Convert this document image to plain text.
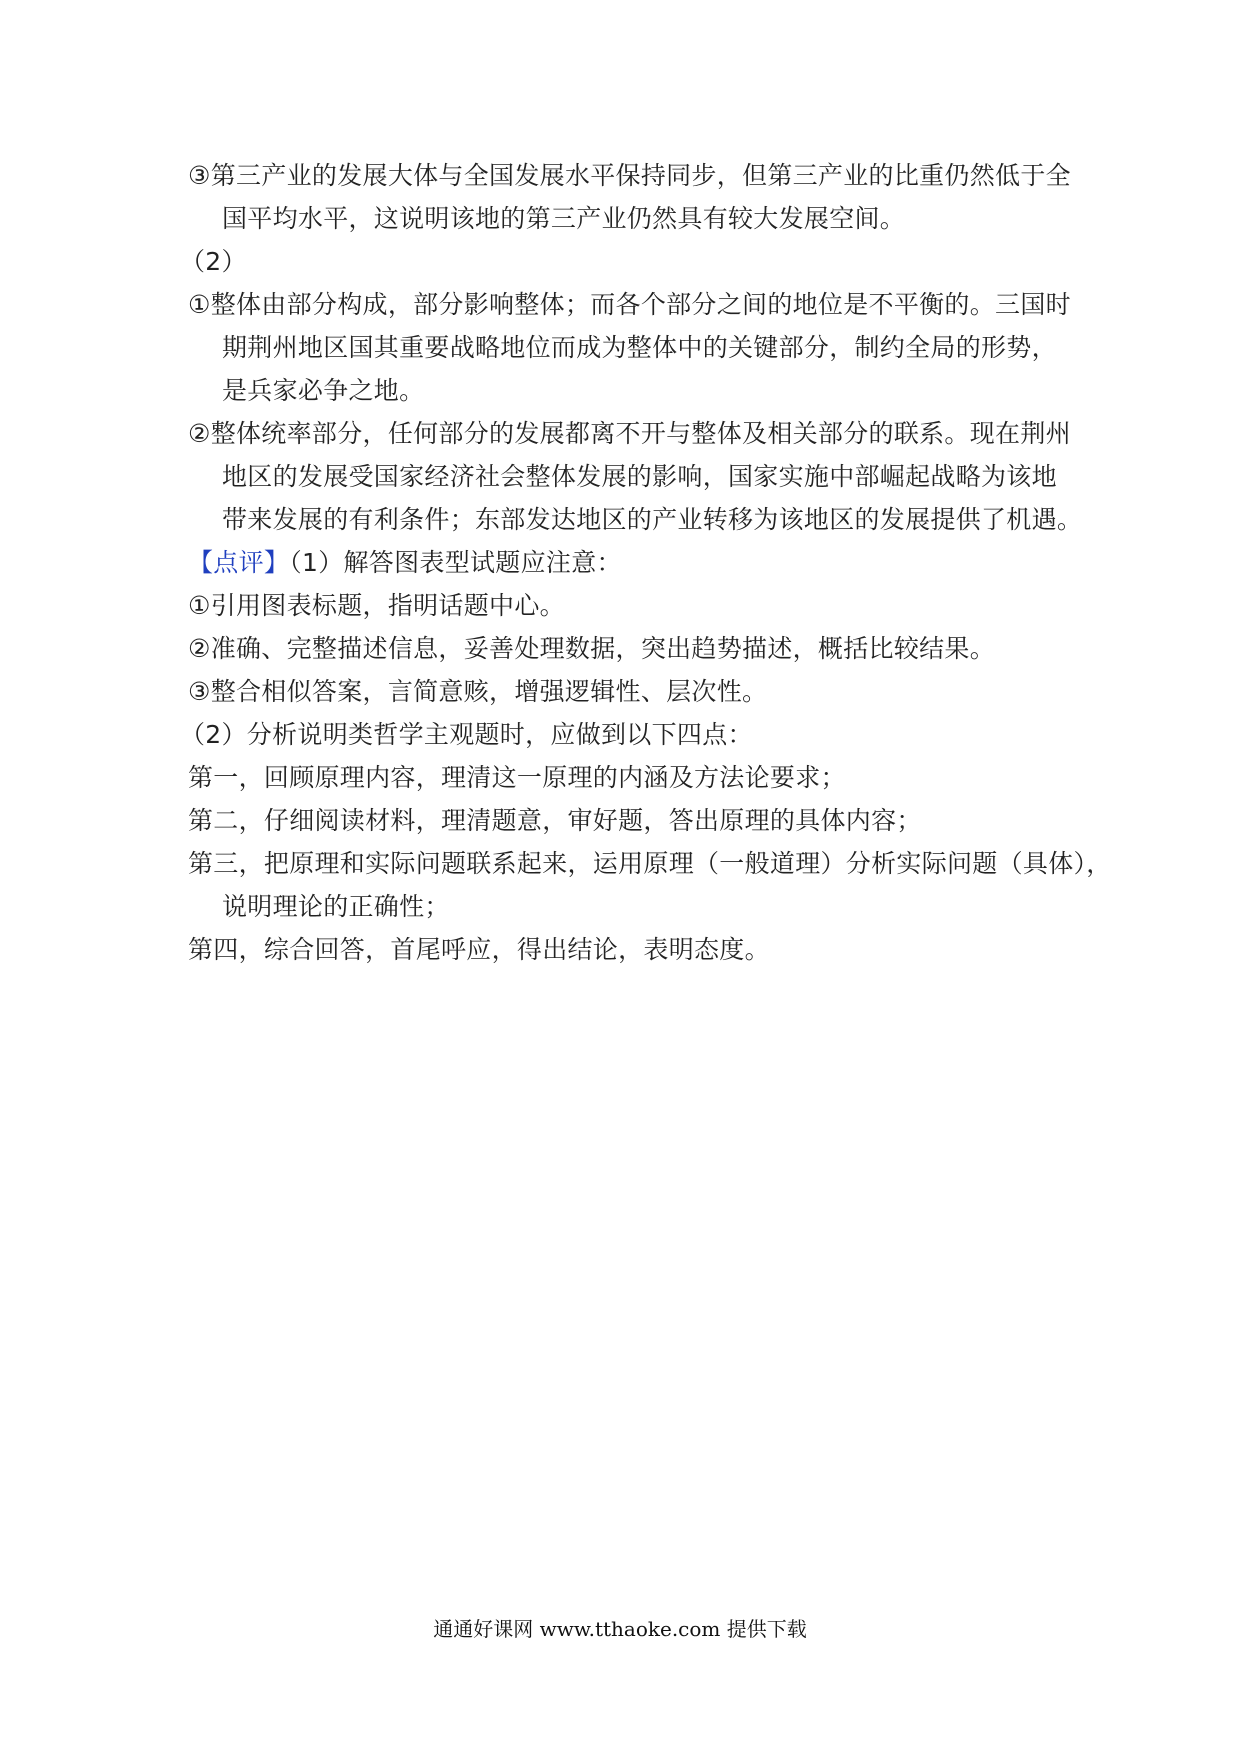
③第三产业的发展大体与全国发展水平保持同步，但第三产业的比重仍然低于全
国平均水平，这说明该地的第三产业仍然具有较大发展空间。
（2）
①整体由部分构成，部分影响整体；而各个部分之间的地位是不平衡的。三国时
期荆州地区国其重要战略地位而成为整体中的关键部分，制约全局的形势，
是兵家必争之地。
②整体统率部分，任何部分的发展都离不开与整体及相关部分的联系。现在荆州
地区的发展受国家经济社会整体发展的影响，国家实施中部崛起战略为该地
带来发展的有利条件；东部发达地区的产业转移为该地区的发展提供了机遇。
【点评】（1）解答图表型试题应注意：
①引用图表标题，指明话题中心。
②准确、完整描述信息，妥善处理数据，突出趋势描述，概括比较结果。
③整合相似答案，言简意赅，增强逻辑性、层次性。
（2）分析说明类哲学主观题时，应做到以下四点：
第一，回顾原理内容，理清这一原理的内涵及方法论要求；
第二，仔细阅读材料，理清题意，审好题，答出原理的具体内容；
第三，把原理和实际问题联系起来，运用原理（一般道理）分析实际问题（具体），
说明理论的正确性；
第四，综合回答，首尾呼应，得出结论，表明态度。
通通好课网 www.tthaoke.com 提供下载
